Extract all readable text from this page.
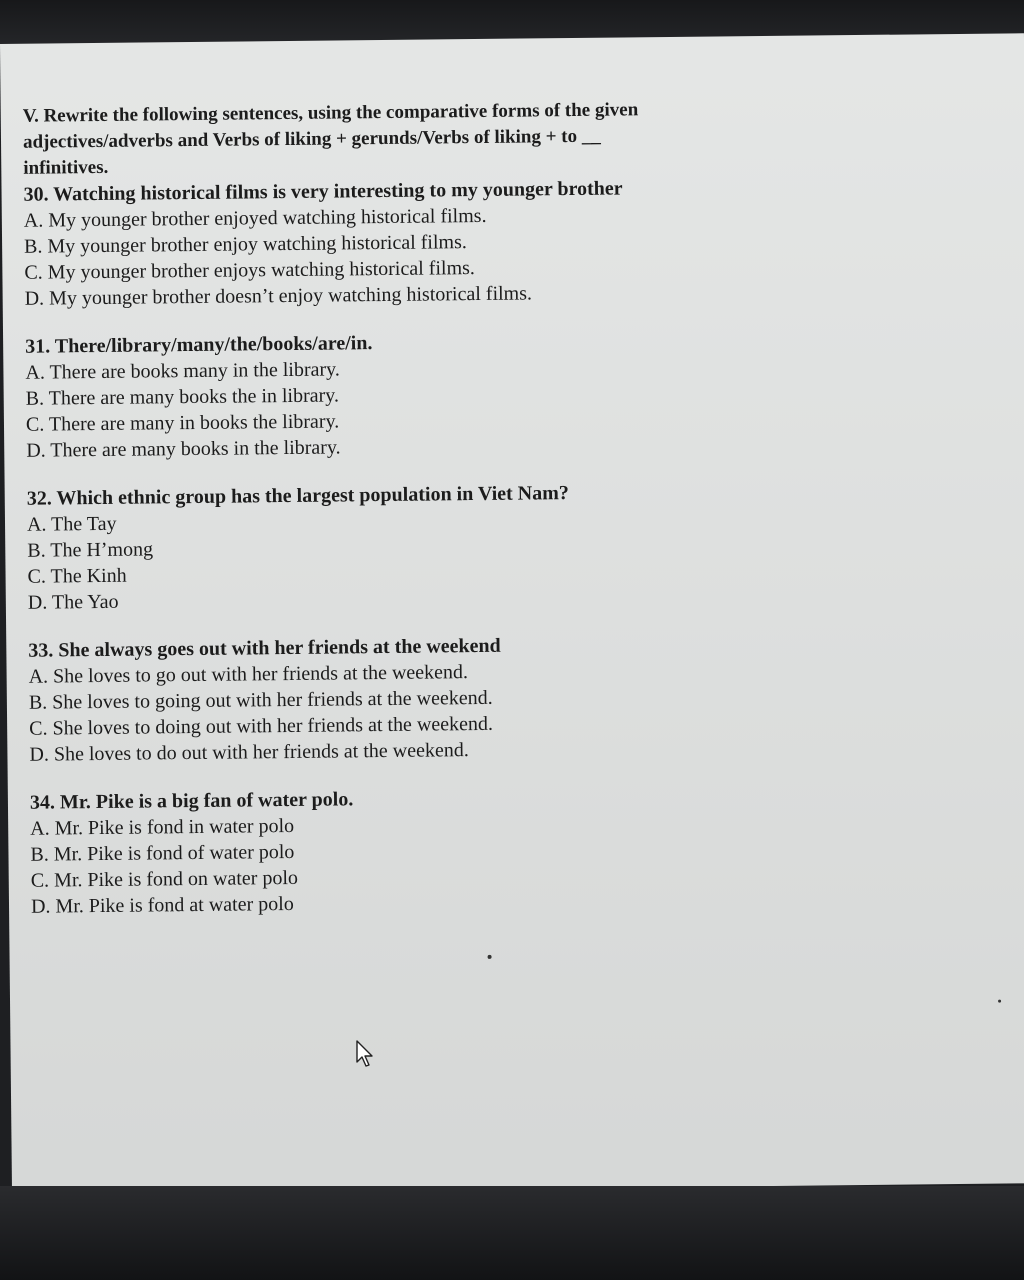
V. Rewrite the following sentences, using the comparative forms of the given
adjectives/adverbs and Verbs of liking + gerunds/Verbs of liking + to __
infinitives.
30. Watching historical films is very interesting to my younger brother
A. My younger brother enjoyed watching historical films.
B. My younger brother enjoy watching historical films.
C. My younger brother enjoys watching historical films.
D. My younger brother doesn’t enjoy watching historical films.
31. There/library/many/the/books/are/in.
A. There are books many in the library.
B. There are many books the in library.
C. There are many in books the library.
D. There are many books in the library.
32. Which ethnic group has the largest population in Viet Nam?
A. The Tay
B. The H’mong
C. The Kinh
D. The Yao
33. She always goes out with her friends at the weekend
A. She loves to go out with her friends at the weekend.
B. She loves to going out with her friends at the weekend.
C. She loves to doing out with her friends at the weekend.
D. She loves to do out with her friends at the weekend.
34. Mr. Pike is a big fan of water polo.
A. Mr. Pike is fond in water polo
B. Mr. Pike is fond of water polo
C. Mr. Pike is fond on water polo
D. Mr. Pike is fond at water polo
